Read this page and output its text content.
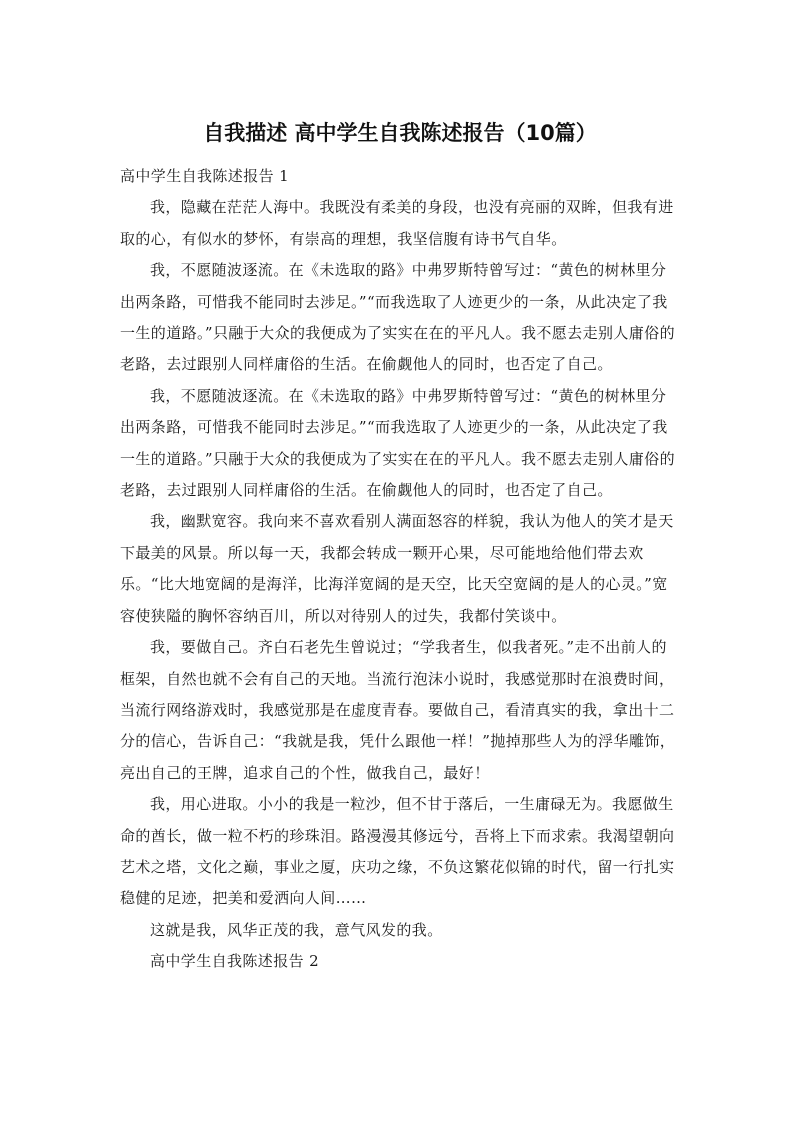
自我描述 高中学生自我陈述报告（10篇）

高中学生自我陈述报告 1

我，隐藏在茫茫人海中。我既没有柔美的身段，也没有亮丽的双眸，但我有进取的心，有似水的梦怀，有崇高的理想，我坚信腹有诗书气自华。

我，不愿随波逐流。在《未选取的路》中弗罗斯特曾写过：“黄色的树林里分出两条路，可惜我不能同时去涉足。”“而我选取了人迹更少的一条，从此决定了我一生的道路。”只融于大众的我便成为了实实在在的平凡人。我不愿去走别人庸俗的老路，去过跟别人同样庸俗的生活。在偷觑他人的同时，也否定了自己。

我，不愿随波逐流。在《未选取的路》中弗罗斯特曾写过：“黄色的树林里分出两条路，可惜我不能同时去涉足。”“而我选取了人迹更少的一条，从此决定了我一生的道路。”只融于大众的我便成为了实实在在的平凡人。我不愿去走别人庸俗的老路，去过跟别人同样庸俗的生活。在偷觑他人的同时，也否定了自己。

我，幽默宽容。我向来不喜欢看别人满面怒容的样貌，我认为他人的笑才是天下最美的风景。所以每一天，我都会转成一颗开心果，尽可能地给他们带去欢乐。“比大地宽阔的是海洋，比海洋宽阔的是天空，比天空宽阔的是人的心灵。”宽容使狭隘的胸怀容纳百川，所以对待别人的过失，我都付笑谈中。

我，要做自己。齐白石老先生曾说过；“学我者生，似我者死。”走不出前人的框架，自然也就不会有自己的天地。当流行泡沫小说时，我感觉那时在浪费时间，当流行网络游戏时，我感觉那是在虚度青春。要做自己，看清真实的我，拿出十二分的信心，告诉自己：“我就是我，凭什么跟他一样！”抛掉那些人为的浮华雕饰，亮出自己的王牌，追求自己的个性，做我自己，最好！

我，用心进取。小小的我是一粒沙，但不甘于落后，一生庸碌无为。我愿做生命的酋长，做一粒不朽的珍珠泪。路漫漫其修远兮，吾将上下而求索。我渴望朝向艺术之塔，文化之巅，事业之厦，庆功之缘，不负这繁花似锦的时代，留一行扎实稳健的足迹，把美和爱洒向人间……

这就是我，风华正茂的我，意气风发的我。

高中学生自我陈述报告 2
